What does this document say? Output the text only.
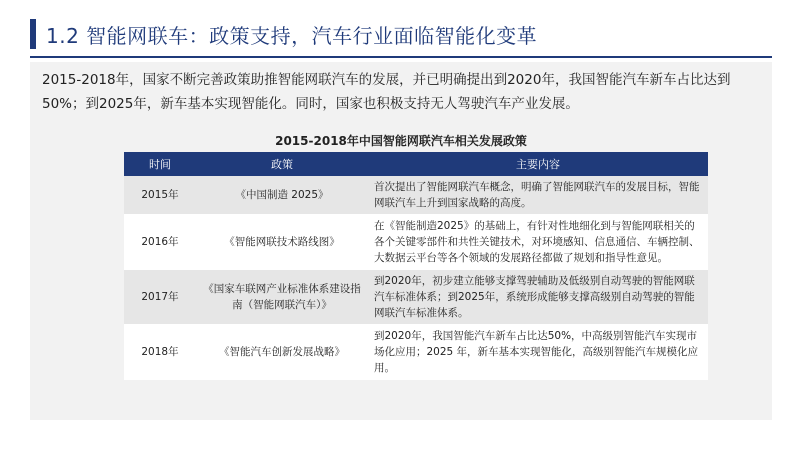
1.2 智能网联车：政策支持，汽车行业面临智能化变革
2015-2018年，国家不断完善政策助推智能网联汽车的发展，并已明确提出到2020年，我国智能汽车新车占比达到50%；到2025年，新车基本实现智能化。同时，国家也积极支持无人驾驶汽车产业发展。
2015-2018年中国智能网联汽车相关发展政策
时间	政策	主要内容
2015年	《中国制造 2025》	首次提出了智能网联汽车概念，明确了智能网联汽车的发展目标，智能网联汽车上升到国家战略的高度。
2016年	《智能网联技术路线图》	在《智能制造2025》的基础上，有针对性地细化到与智能网联相关的各个关键零部件和共性关键技术，对环境感知、信息通信、车辆控制、大数据云平台等各个领域的发展路径都做了规划和指导性意见。
2017年	《国家车联网产业标准体系建设指南（智能网联汽车）》	到2020年，初步建立能够支撑驾驶辅助及低级别自动驾驶的智能网联汽车标准体系；到2025年，系统形成能够支撑高级别自动驾驶的智能网联汽车标准体系。
2018年	《智能汽车创新发展战略》	到2020年，我国智能汽车新车占比达50%，中高级别智能汽车实现市场化应用；2025 年，新车基本实现智能化，高级别智能汽车规模化应用。
